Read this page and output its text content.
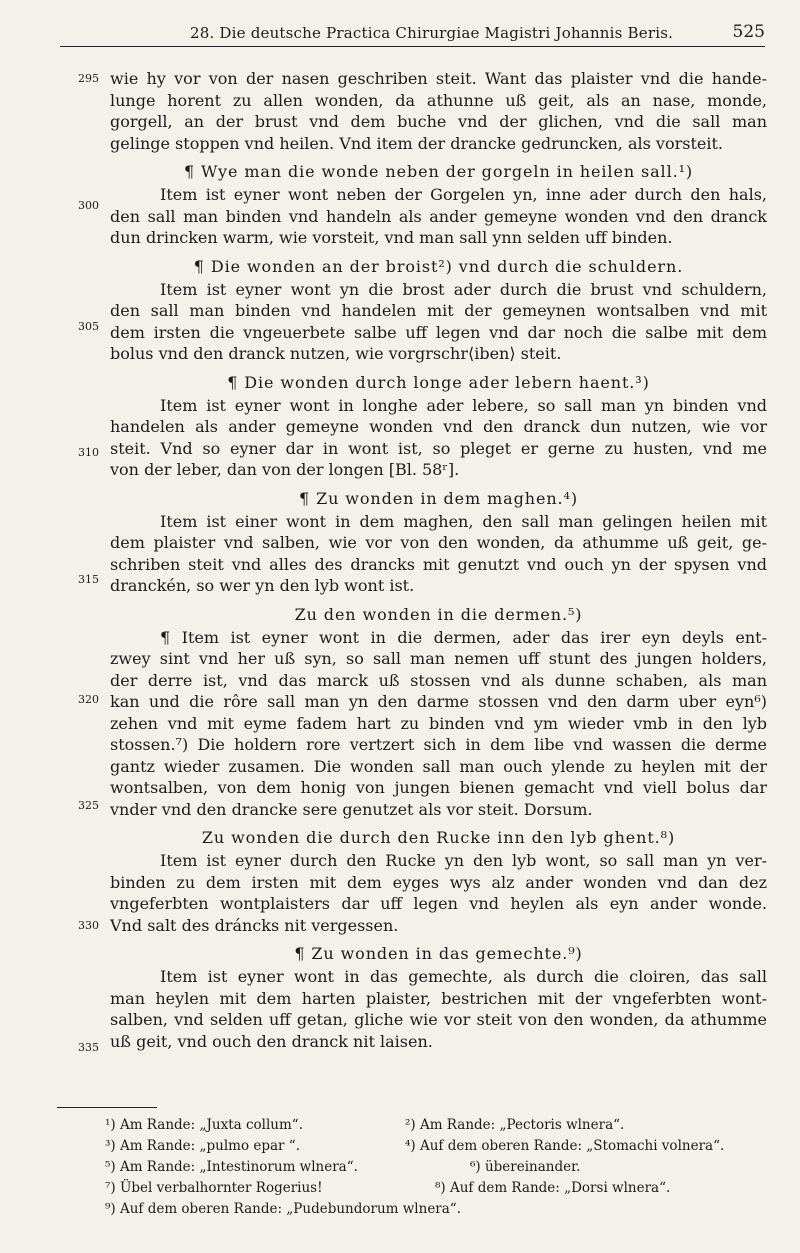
28. Die deutsche Practica Chirurgiae Magistri Johannis Beris.	525
295
300
305
310
315
320
325
330
335
wie hy vor von der nasen geschriben steit. Want das plaister vnd die hande-
lunge horent zu allen wonden, da athunne uß geit, als an nase, monde,
gorgell, an der brust vnd dem buche vnd der glichen, vnd die sall man
gelinge stoppen vnd heilen. Vnd item der drancke gedruncken, als vorsteit.
¶ Wye man die wonde neben der gorgeln in heilen sall.¹)
Item ist eyner wont neben der Gorgelen yn, inne ader durch den hals,
den sall man binden vnd handeln als ander gemeyne wonden vnd den dranck
dun drincken warm, wie vorsteit, vnd man sall ynn selden uff binden.
¶ Die wonden an der broist²) vnd durch die schuldern.
Item ist eyner wont yn die brost ader durch die brust vnd schuldern,
den sall man binden vnd handelen mit der gemeynen wontsalben vnd mit
dem irsten die vngeuerbete salbe uff legen vnd dar noch die salbe mit dem
bolus vnd den dranck nutzen, wie vorgrschr⟨iben⟩ steit.
¶ Die wonden durch longe ader lebern haent.³)
Item ist eyner wont in longhe ader lebere, so sall man yn binden vnd
handelen als ander gemeyne wonden vnd den dranck dun nutzen, wie vor
steit. Vnd so eyner dar in wont ist, so pleget er gerne zu husten, vnd me
von der leber, dan von der longen [Bl. 58ʳ].
¶ Zu wonden in dem maghen.⁴)
Item ist einer wont in dem maghen, den sall man gelingen heilen mit
dem plaister vnd salben, wie vor von den wonden, da athumme uß geit, ge-
schriben steit vnd alles des drancks mit genutzt vnd ouch yn der spysen vnd
dranckén, so wer yn den lyb wont ist.
Zu den wonden in die dermen.⁵)
¶ Item ist eyner wont in die dermen, ader das irer eyn deyls ent-
zwey sint vnd her uß syn, so sall man nemen uff stunt des jungen holders,
der derre ist, vnd das marck uß stossen vnd als dunne schaben, als man
kan und die rôre sall man yn den darme stossen vnd den darm uber eyn⁶)
zehen vnd mit eyme fadem hart zu binden vnd ym wieder vmb in den lyb
stossen.⁷) Die holdern rore vertzert sich in dem libe vnd wassen die derme
gantz wieder zusamen. Die wonden sall man ouch ylende zu heylen mit der
wontsalben, von dem honig von jungen bienen gemacht vnd viell bolus dar
vnder vnd den drancke sere genutzet als vor steit. Dorsum.
Zu wonden die durch den Rucke inn den lyb ghent.⁸)
Item ist eyner durch den Rucke yn den lyb wont, so sall man yn ver-
binden zu dem irsten mit dem eyges wys alz ander wonden vnd dan dez
vngeferbten wontplaisters dar uff legen vnd heylen als eyn ander wonde.
Vnd salt des dráncks nit vergessen.
¶ Zu wonden in das gemechte.⁹)
Item ist eyner wont in das gemechte, als durch die cloiren, das sall
man heylen mit dem harten plaister, bestrichen mit der vngeferbten wont-
salben, vnd selden uff getan, gliche wie vor steit von den wonden, da athumme
uß geit, vnd ouch den dranck nit laisen.
¹) Am Rande: „Juxta collum“.	²) Am Rande: „Pectoris wlnera“.
³) Am Rande: „pulmo epar “.	⁴) Auf dem oberen Rande: „Stomachi volnera“.
⁵) Am Rande: „Intestinorum wlnera“.	⁶) übereinander.
⁷) Übel verbalhornter Rogerius!	⁸) Auf dem Rande: „Dorsi wlnera“.
⁹) Auf dem oberen Rande: „Pudebundorum wlnera“.
